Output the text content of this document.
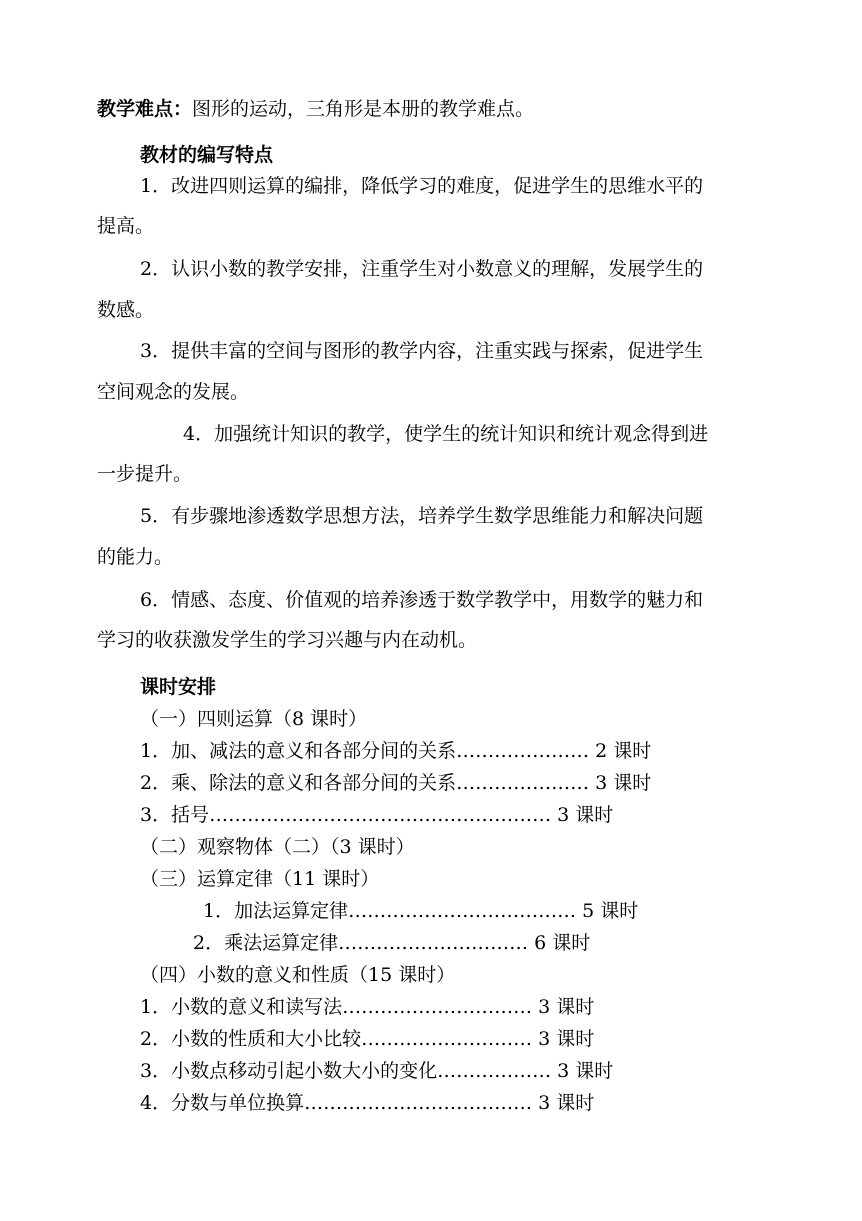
教学难点：图形的运动，三角形是本册的教学难点。
教材的编写特点
1．改进四则运算的编排，降低学习的难度，促进学生的思维水平的
提高。
2．认识小数的教学安排，注重学生对小数意义的理解，发展学生的
数感。
3．提供丰富的空间与图形的教学内容，注重实践与探索，促进学生
空间观念的发展。
4．加强统计知识的教学，使学生的统计知识和统计观念得到进
一步提升。
5．有步骤地渗透数学思想方法，培养学生数学思维能力和解决问题
的能力。
6．情感、态度、价值观的培养渗透于数学教学中，用数学的魅力和
学习的收获激发学生的学习兴趣与内在动机。
课时安排
（一）四则运算（8 课时）
1．加、减法的意义和各部分间的关系………………… 2 课时
2．乘、除法的意义和各部分间的关系………………… 3 课时
3．括号……………………………………………… 3 课时
（二）观察物体（二）（3 课时）
（三）运算定律（11 课时）
1．加法运算定律……………………………… 5 课时
2．乘法运算定律………………………… 6 课时
（四）小数的意义和性质（15 课时）
1．小数的意义和读写法………………………… 3 课时
2．小数的性质和大小比较……………………… 3 课时
3．小数点移动引起小数大小的变化……………… 3 课时
4．分数与单位换算……………………………… 3 课时
